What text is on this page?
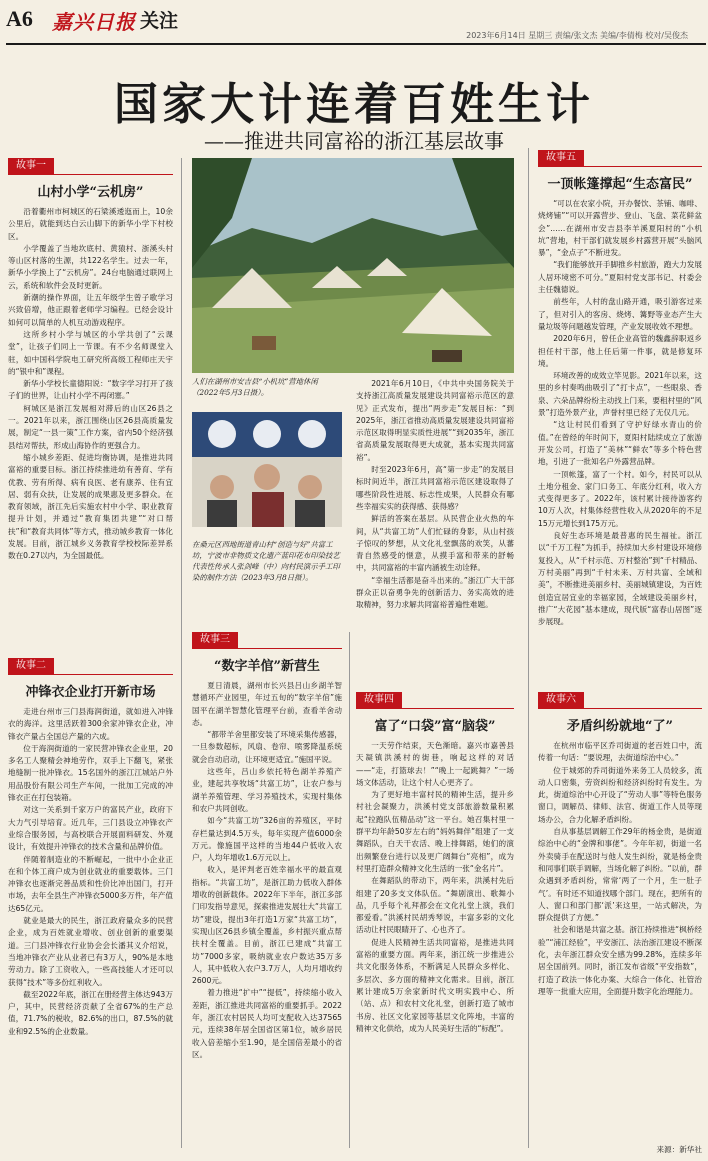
A6 嘉兴日报 关注
2023年6月14日 星期三 责编/张文杰 美编/李倩梅 校对/吴俊杰
国家大计连着百姓生计
——推进共同富裕的浙江基层故事
故事一
山村小学“云机房”

沿着衢州市柯城区的石梁溪逶迤而上，10余公里后，就能到达白云山脚下的新华小学下村校区。

小学覆盖了当地坎底村、黄猿村、浙溪头村等山区村落的生源，共122名学生。过去一年，新华小学换上了“云机房”。24台电脑通过联网上云，系统和软件会及时更新。

新潮的操作界面，让五年级学生曾子歌学习兴致倍增，他正跟着老师学习编程。已经会设计如何可以简单的人机互动游戏程序。

这所乡村小学与城区的小学共创了“云课堂”，让孩子们同上一节课。有不少名师课堂入驻，如中国科学院电工研究所高级工程师庄天宇的“银中和”课程。

新华小学校长童德阳说：“数字学习打开了孩子们的世界，让山村小学不再闭塞。”

柯城区是浙江发展相对滞后的山区26县之一。2021年以来，浙江围绕山区26县高质量发展，制定“一县一策”工作方案，省内50个经济强县结对帮扶，形成山海协作的更强合力。

缩小城乡差距、促进均衡协调，是推进共同富裕的重要目标。浙江持续推进幼有善育、学有优教、劳有所得、病有良医、老有康养、住有宜居、弱有众扶，让发展的成果惠及更多群众。在教育领域，浙江先后实施农村中小学、职业教育提升计划，并通过“教育集团共建”“对口帮扶”和“教育共同体”等方式，推动城乡教育一体化发展。目前，浙江城乡义务教育学校校际差异系数在0.27以内，为全国最低。

故事二
冲锋衣企业打开新市场

走进台州市三门县海润街道，就如进入冲锋衣的海洋。这里活跃着300余家冲锋衣企业，冲锋衣产量占全国总产量的六成。

位于海润街道的一家民营冲锋衣企业里，20多名工人聚精会神地劳作，双手上下翻飞，紧张地缝制一批冲锋衣。15名国外的浙江江城站户外用品股份有限公司生产车间，一批加工完成的冲锋衣正在打包装箱。

对这一关系到千家万户的富民产业，政府下大力气引导培育。近几年，三门县设立冲锋衣产业综合服务园，与高校联合开展面料研发、外观设计，有效提升冲锋衣的技术含量和品牌价值。

伴随着制造业的不断崛起，一批中小企业正在和个体工商户成为创业就业的重要载体。三门冲锋衣也逐渐完善品质和性价比冲出国门，打开市场，去年全县生产冲锋衣5000多万件，年产值达65亿元。

就业是最大的民生，浙江政府量众多的民营企业，成为百姓就业增收、创业创新的重要渠道。三门县冲锋衣行业协会会长潘其义介绍说，当地冲锋衣产业从业者已有3万人，90%是本地劳动力。除了工资收入，一些高技能人才还可以获得“技术”等多份红利收入。

截至2022年底，浙江在册经营主体达943万户，其中，民营经济贡献了全省67%的生产总值，71.7%的税收，82.6%的出口，87.5%的就业和92.5%的企业数量。

人们在湖州市安吉县“小机坑”营地休闲（2022年5月3日摄）。
在桑元区西地街道青山村“创造与好”共富工坊，宁波市非物质文化遗产蓝印花布印染技艺代表性传承人张剑峰（中）向村民演示手工印染的制作方法（2023年3月8日摄）。

2021年6月10日，《中共中央国务院关于支持浙江高质量发展建设共同富裕示范区的意见》正式发布，提出“两步走”发展目标：“到2025年，浙江省推动高质量发展建设共同富裕示范区取得明显实质性进展”“到2035年，浙江省高质量发展取得更大成就，基本实现共同富裕”。

时至2023年6月，高“第一步走”的发展目标时间近半，浙江共同富裕示范区建设取得了哪些阶段性进展、标志性成果，人民群众有哪些幸福实实的获得感、获得感？

鲜活的答案在基层。从民营企业火热的车间，从“共富工坊”人们忙碌的身影，从山村孩子惊叹的梦想，从文化礼堂飘荡的欢笑，从蕃青自然感受的惬意，从摸手富和带来的舒畅中，共同富裕的丰富内涵被生动诠释。

“幸福生活都是奋斗出来的。”浙江广大干部群众正以奋勇争先的创新活力、务实高效的进取精神，努力求解共同富裕普遍性难题。

故事三
“数字羊倌”新营生

夏日清晨，湖州市长兴县吕山乡湖羊智慧循环产业园里，年过五旬的“数字羊倌”施国平在湖羊智慧化管理平台前，查看羊舍动态。

“都带羊舍里都安装了环境采集传感器，一旦参数超标，风扇、卷帘、喷雾降温系统就会自动启动，让环境更适宜。”施国平说。

这些年，吕山乡依托特色湖羊养殖产业，建起共享牧场“共富工坊”，让农户参与湖羊养殖管理、学习养殖技术，实现村集体和农户共同创收。

如今“共富工坊”326亩的养殖区，平时存栏量达到4.5万头，每年实现产值6000余万元。像施国平这样的当地44户低收入农户，人均年增收1.6万元以上。

收入，是评判老百姓幸福水平的最直观指标。“共富工坊”，是浙江助力低收入群体增收的创新载体。2022年下半年，浙江多部门印发指导意见，探索推进发展壮大“共富工坊”建设，提出3年打造1万家“共富工坊”，实现山区26县乡镇全覆盖，乡村振兴重点帮扶村全覆盖。目前，浙江已建成“共富工坊”7000多家，吸纳就业农户数达35万多人，其中低收入农户3.7万人，人均月增收约2600元。

着力推进“扩中”“提低”，持续缩小收入差距，浙江推进共同富裕的重要抓手。2022年，浙江农村居民人均可支配收入达37565元，连续38年居全国省区第1位，城乡居民收入倍差缩小至1.90，是全国倍差最小的省区。

故事四
富了“口袋”富“脑袋”

一天劳作结束，天色渐暗。嘉兴市嘉善县天凝镇洪溪村的街巷，响起这样的对话——“走，打篮球去！”“晚上一起跳舞？”一场场文体活动，让这个村人心更齐了。

为了更好地丰富村民的精神生活，提升乡村社会凝聚力，洪溪村党支部旅游数量积累起“拉跑队伍精品动”这一平台。她召集村里一群平均年龄50岁左右的“妈妈舞伴”组建了一支舞蹈队，白天干农活、晚上排舞蹈，她们的演出频繁登台进行以及更广阔舞台“亮相”，成为村里打造群众精神文化生活的一张“金名片”。

在舞蹈队的带动下，两年来，洪溪村先后组建了20多支文体队伍。“舞剧演出、歌舞小品，几乎每个礼拜都会在文化礼堂上演，我们都爱看。”洪溪村民胡秀琴说，丰富多彩的文化活动让村民眼睛开了、心也齐了。

促进人民精神生活共同富裕，是推进共同富裕的重要方面。两年来，浙江统一步推进公共文化服务体系，不断满足人民群众多样化、多层次、多方面的精神文化需求。目前，浙江累计建成5万余家新时代文明实践中心、所（站、点）和农村文化礼堂，创新打造了城市书房、社区文化家园等基层文化阵地，丰富的精神文化供给，成为人民美好生活的“标配”。

故事五
一顶帐篷撑起“生态富民”

“可以在农家小院，开办餐饮、茶铺、咖啡、烧烤铺”“可以开露营步、登山、飞盘、菜花鲜盆会”……在湖州市安吉县李羊溪夏阳村的“小机坑”营地，村干部们就发展乡村露营开展“头脑风暴”，“金点子”不断迸发。

“我们能够放开手脚推乡村旅游，跑大力发展人居环境密不可分。”夏阳村党支部书记、村委会主任魏德说。

前些年，人村的盘山路开通，吸引游客过来了，但对引入的客房、烧烤、篝野等业态产生大量垃圾等问题越发管理，产业发展收效不理想。

2020年6月，曾任企业高管的魏鑫辞职返乡担任村干部，他上任后第一件事，就是修复环境。

环境改善的成效立竿见影。2021年以来，这里的乡村奏鸣曲吸引了“打卡点”，一些眼泉、香泉、六朵品牌纷纷主动找上门来，要租村里的“风景”打造外景产业，声誉村里已经了无仅几元。

“这让村民们看到了守护好绿水青山的价值。”在曾经的年时间下，夏阳村陆续成立了旅游开发公司，打造了“美林”“鲜农”等多个特色营地，引进了一批知名户外露营品牌。

一顶帐篷，富了一个村。如今，村民可以从土地分租金、家门口务工、年底分红利，收入方式变得更多了。2022年，该村累计接待游客约10万人次，村集体经营性收入从2020年的不足15万元增长到175万元。

良好生态环境是最普惠的民生福祉。浙江以“千万工程”为抓手，持续加大乡村建设环境修复投入，从“千村示范、万村整治”到“千村精品、万村美丽”再到“千村未来、万村共富、全域和美”，不断推进美丽乡村、美丽城镇建设，为百姓创造宜居宜业的幸福家园，全域建设美丽乡村，推广“大花园”基本建成，现代版“富春山居图”逐步展现。

故事六
矛盾纠纷就地“了”

在杭州市临平区乔司街道的老百姓口中，流传着一句话：“要说理，去街道综治中心。”

位于城郊的乔司街道外来务工人员较多，流动人口密集，劳资纠纷和经济纠纷时有发生。为此，街道综治中心开设了“劳动人事”等特色服务窗口，调解员、律师、法官、街道工作人员等现场办公，合力化解矛盾纠纷。

自从事基层调解工作29年的杨金贵，是街道综治中心的“金牌和事佬”。今年年初，街道一名外卖骑手在配送时与他人发生纠纷，就是杨金贵和同事们联手调解，当场化解了纠纷。“以前，群众遇到矛盾纠纷，常常‘两了一个月，生一肚子气’。有时还不知道找哪个部门。现在，把所有的人、窗口和部门都‘派’来这里，一站式解决，为群众提供了方便。”

社会和谐是共富之基。浙江持续推进“枫桥经验”“浦江经验”，平安浙江、法治浙江建设不断深化，去年浙江群众安全感为99.28%，连续多年居全国前列。同时，浙江发布省级“平安指数”，打造了政法一体化办案、大综合一体化、社管治理等一批重大应用，全面提升数字化治理能力。

来源：新华社
